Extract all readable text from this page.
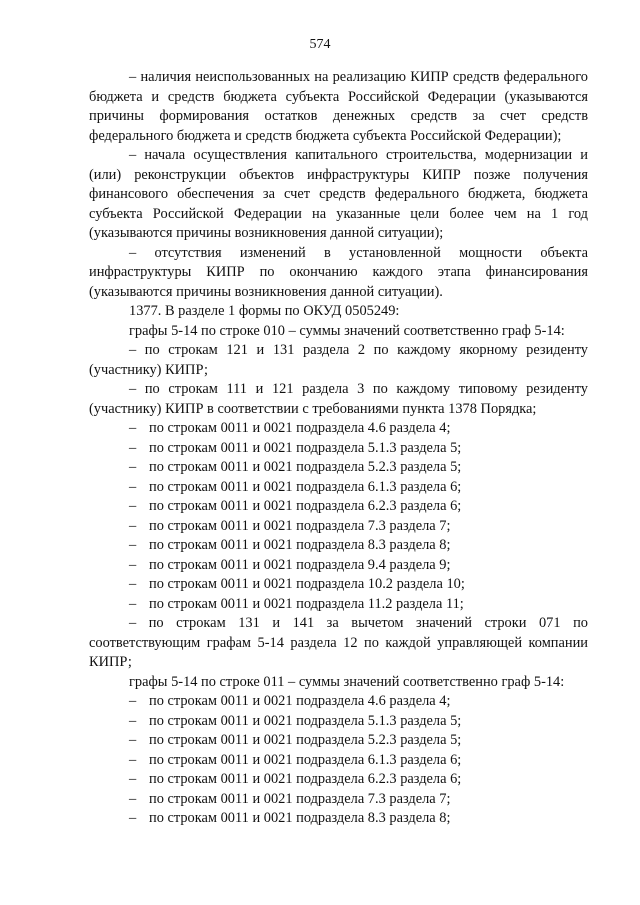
574

– наличия неиспользованных на реализацию КИПР средств федерального бюджета и средств бюджета субъекта Российской Федерации (указываются причины формирования остатков денежных средств за счет средств федерального бюджета и средств бюджета субъекта Российской Федерации);

– начала осуществления капитального строительства, модернизации и (или) реконструкции объектов инфраструктуры КИПР позже получения финансового обеспечения за счет средств федерального бюджета, бюджета субъекта Российской Федерации на указанные цели более чем на 1 год (указываются причины возникновения данной ситуации);

– отсутствия изменений в установленной мощности объекта инфраструктуры КИПР по окончанию каждого этапа финансирования (указываются причины возникновения данной ситуации).

1377. В разделе 1 формы по ОКУД 0505249:

графы 5-14 по строке 010 – суммы значений соответственно граф 5-14:

– по строкам 121 и 131 раздела 2 по каждому якорному резиденту (участнику) КИПР;

– по строкам 111 и 121 раздела 3 по каждому типовому резиденту (участнику) КИПР в соответствии с требованиями пункта 1378 Порядка;

– по строкам 0011 и 0021 подраздела 4.6 раздела 4;
– по строкам 0011 и 0021 подраздела 5.1.3 раздела 5;
– по строкам 0011 и 0021 подраздела 5.2.3 раздела 5;
– по строкам 0011 и 0021 подраздела 6.1.3 раздела 6;
– по строкам 0011 и 0021 подраздела 6.2.3 раздела 6;
– по строкам 0011 и 0021 подраздела 7.3 раздела 7;
– по строкам 0011 и 0021 подраздела 8.3 раздела 8;
– по строкам 0011 и 0021 подраздела 9.4 раздела 9;
– по строкам 0011 и 0021 подраздела 10.2 раздела 10;
– по строкам 0011 и 0021 подраздела 11.2 раздела 11;

– по строкам 131 и 141 за вычетом значений строки 071 по соответствующим графам 5-14 раздела 12 по каждой управляющей компании КИПР;

графы 5-14 по строке 011 – суммы значений соответственно граф 5-14:

– по строкам 0011 и 0021 подраздела 4.6 раздела 4;
– по строкам 0011 и 0021 подраздела 5.1.3 раздела 5;
– по строкам 0011 и 0021 подраздела 5.2.3 раздела 5;
– по строкам 0011 и 0021 подраздела 6.1.3 раздела 6;
– по строкам 0011 и 0021 подраздела 6.2.3 раздела 6;
– по строкам 0011 и 0021 подраздела 7.3 раздела 7;
– по строкам 0011 и 0021 подраздела 8.3 раздела 8;
